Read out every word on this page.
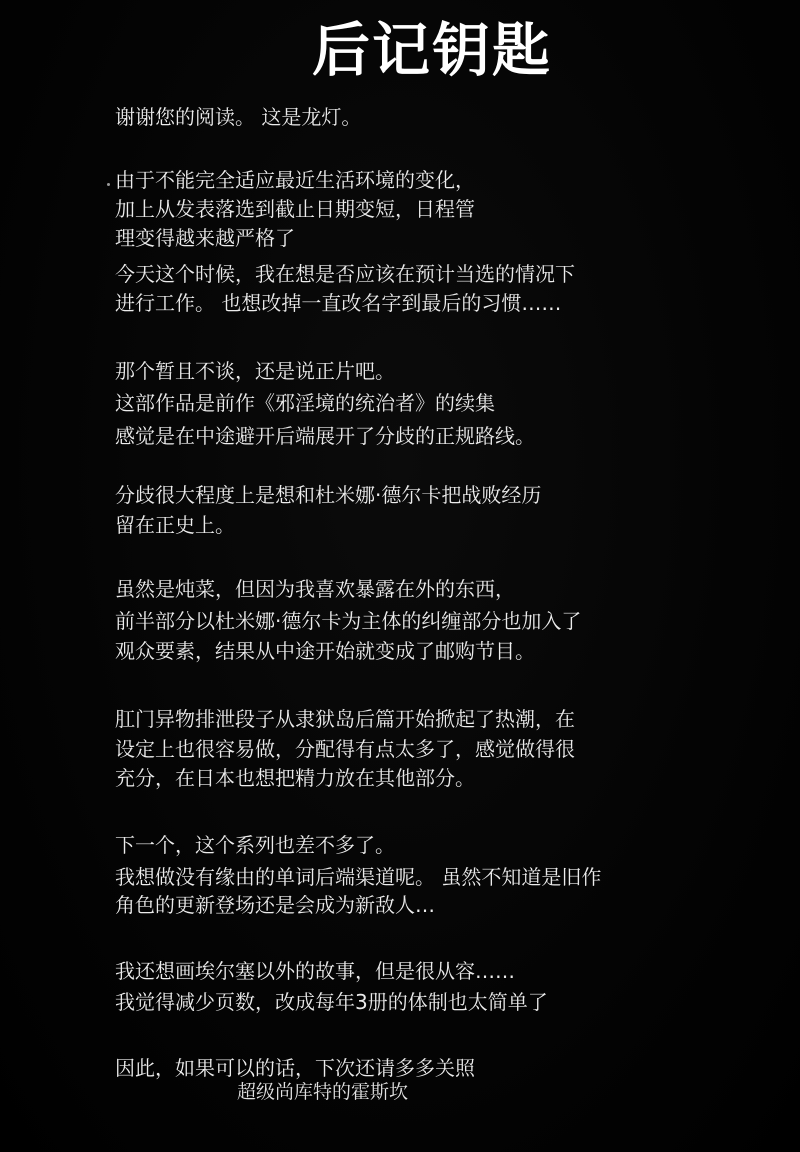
后记钥匙
谢谢您的阅读。 这是龙灯。
由于不能完全适应最近生活环境的变化，
加上从发表落选到截止日期变短，日程管
理变得越来越严格了
今天这个时候，我在想是否应该在预计当选的情况下
进行工作。 也想改掉一直改名字到最后的习惯……
那个暂且不谈，还是说正片吧。
这部作品是前作《邪淫境的统治者》的续集
感觉是在中途避开后端展开了分歧的正规路线。
分歧很大程度上是想和杜米娜·德尔卡把战败经历
留在正史上。
虽然是炖菜，但因为我喜欢暴露在外的东西，
前半部分以杜米娜·德尔卡为主体的纠缠部分也加入了
观众要素，结果从中途开始就变成了邮购节目。
肛门异物排泄段子从隶狱岛后篇开始掀起了热潮，在
设定上也很容易做，分配得有点太多了，感觉做得很
充分，在日本也想把精力放在其他部分。
下一个，这个系列也差不多了。
我想做没有缘由的单词后端渠道呢。 虽然不知道是旧作
角色的更新登场还是会成为新敌人…
我还想画埃尔塞以外的故事，但是很从容……
我觉得减少页数，改成每年3册的体制也太简单了
因此，如果可以的话，下次还请多多关照
超级尚库特的霍斯坎
